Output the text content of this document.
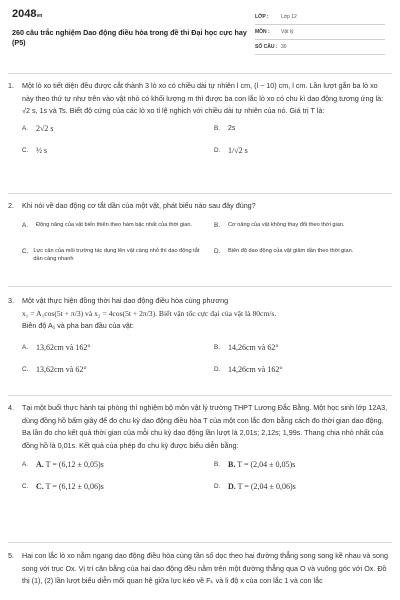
2048vn
260 câu trắc nghiệm Dao động điều hòa trong đề thi Đại học cực hay (P5)
LỚP :	Lớp 12
MÔN :	Vật lý
SỐ CÂU : 30
1. Một lò xo tiết diện đều được cắt thành 3 lò xo có chiều dài tự nhiên l cm, (l − 10) cm, l cm. Lần lượt gắn ba lò xo này theo thứ tự như trên vào vật nhỏ có khối lượng m thì được ba con lắc lò xo có chu kì dao động tương ứng là: √2 s, 1s và Ts. Biết độ cứng của các lò xo tỉ lệ nghịch với chiều dài tự nhiên của nó. Giá trị T là:

A.	2√2 s	B.	2s
C. ½ s	D. 1/√2 s
2. Khi nói về dao động cơ tắt dần của một vật, phát biểu nào sau đây đúng?

A.	Động năng của vật biến thiên theo hàm bậc nhất của thời gian.	B.	Cơ năng của vật không thay đổi theo thời gian.
C. Lực cản của môi trường tác dụng lên vật càng nhỏ thì dao động tắt dần càng nhanh
D.	Biên độ dao động của vật giảm dần theo thời gian.
3. Một vật thực hiện đồng thời hai dao động điều hòa cùng phương
x₁ = A₁cos(5t + π/3) và x₂ = 4cos(5t + 2π/3). Biết vận tốc cực đại của vật là 80cm/s.
Biên độ A₁ và pha ban đầu của vật:

A.	13,62cm và 162°	B.	14,26cm và 62°
C. 13,62cm và 62°	D. 14,26cm và 162°
4. Tại một buổi thực hành tại phòng thí nghiệm bộ môn vật lý trường THPT Lương Đắc Bằng. Một học sinh lớp 12A3, dùng đồng hồ bấm giây để đo chu kỳ dao động điều hòa T của một con lắc đơn bằng cách đo thời gian dao động. Ba lần đo cho kết quả thời gian của mỗi chu kỳ dao động lần lượt là 2,01s; 2,12s; 1,99s. Thang chia nhỏ nhất của đồng hồ là 0,01s. Kết quả của phép đo chu kỳ được biểu diễn bằng:

A.	A. T = (6,12 ± 0,05)s	B.	B. T = (2,04 ± 0,05)s
C. C. T = (6,12 ± 0,06)s	D. D. T = (2,04 ± 0,06)s
5. Hai con lắc lò xo nằm ngang dao động điều hòa cùng tần số dọc theo hai đường thẳng song song kề nhau và song song với trục Ox. Vị trí cân bằng của hai dao động đều nằm trên một đường thẳng qua O và vuông góc với Ox. Đồ thị (1), (2) lần lượt biểu diễn mối quan hệ giữa lực kéo về Fₖ và li độ x của con lắc 1 và con lắc
